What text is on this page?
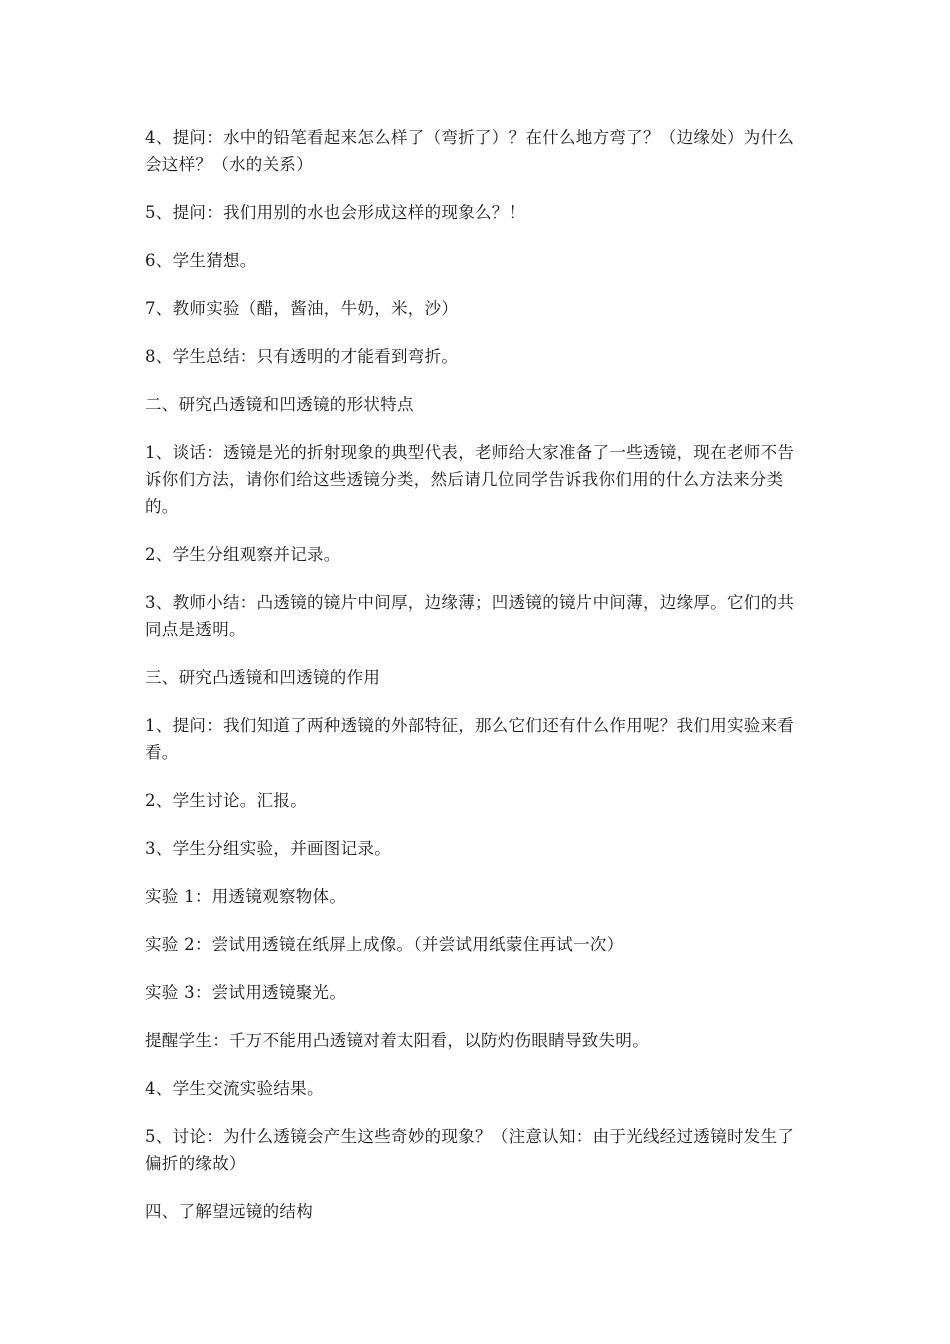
4、提问：水中的铅笔看起来怎么样了（弯折了）？在什么地方弯了？（边缘处）为什么会这样？（水的关系）

5、提问：我们用别的水也会形成这样的现象么？！

6、学生猜想。

7、教师实验（醋，酱油，牛奶，米，沙）

8、学生总结：只有透明的才能看到弯折。

二、研究凸透镜和凹透镜的形状特点

1、谈话：透镜是光的折射现象的典型代表，老师给大家准备了一些透镜，现在老师不告诉你们方法，请你们给这些透镜分类，然后请几位同学告诉我你们用的什么方法来分类的。

2、学生分组观察并记录。

3、教师小结：凸透镜的镜片中间厚，边缘薄；凹透镜的镜片中间薄，边缘厚。它们的共同点是透明。

三、研究凸透镜和凹透镜的作用

1、提问：我们知道了两种透镜的外部特征，那么它们还有什么作用呢？我们用实验来看看。

2、学生讨论。汇报。

3、学生分组实验，并画图记录。

实验 1：用透镜观察物体。

实验 2：尝试用透镜在纸屏上成像。（并尝试用纸蒙住再试一次）

实验 3：尝试用透镜聚光。

提醒学生：千万不能用凸透镜对着太阳看，以防灼伤眼睛导致失明。

4、学生交流实验结果。

5、讨论：为什么透镜会产生这些奇妙的现象？（注意认知：由于光线经过透镜时发生了偏折的缘故）

四、了解望远镜的结构
